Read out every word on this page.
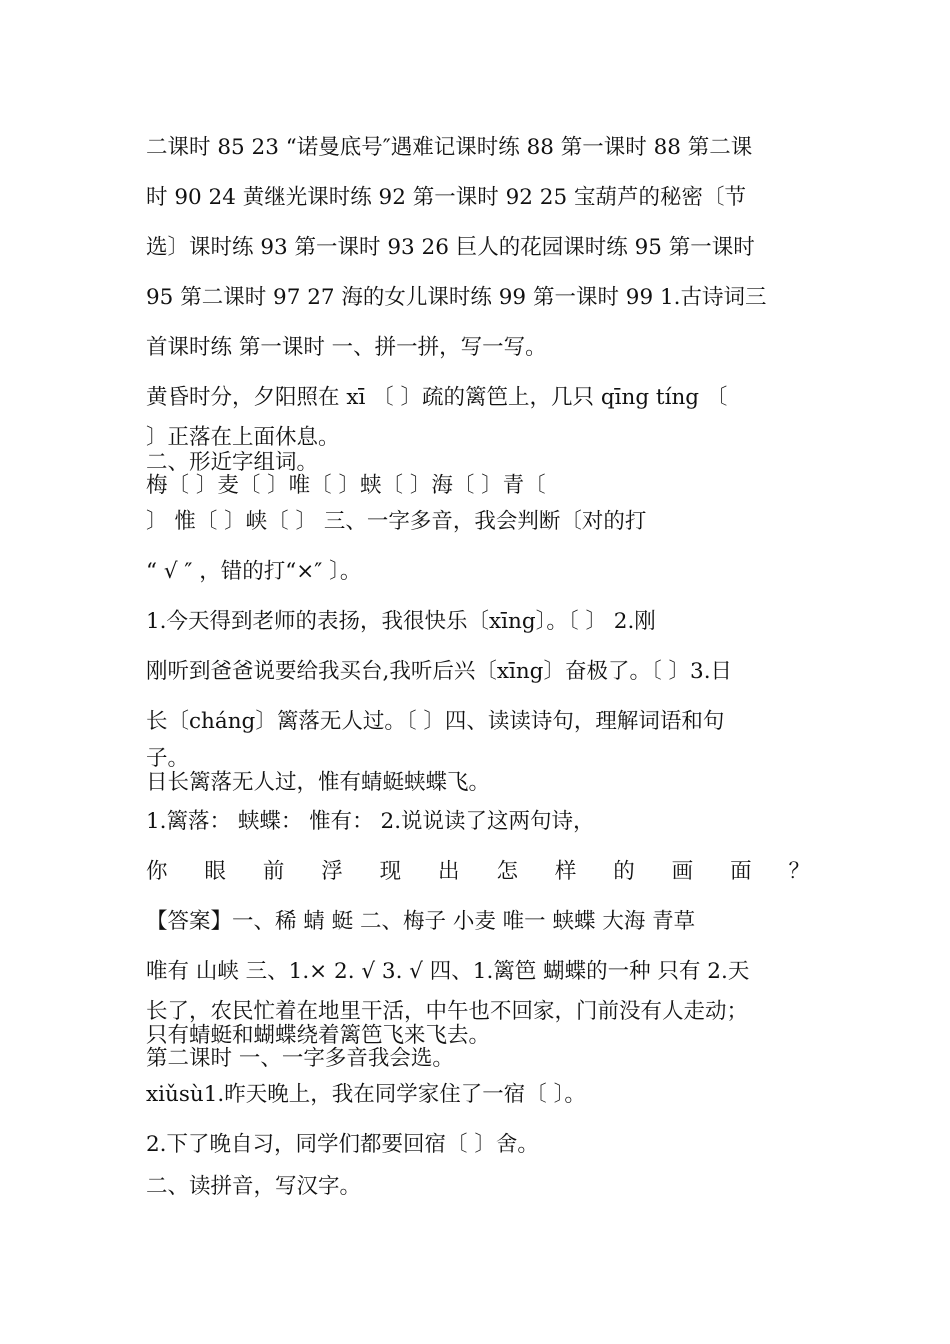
二课时 85 23 “诺曼底号″遇难记课时练 88 第一课时 88 第二课
时 90 24 黄继光课时练 92 第一课时 92 25 宝葫芦的秘密〔节
选〕课时练 93 第一课时 93 26 巨人的花园课时练 95 第一课时
95 第二课时 97 27 海的女儿课时练 99 第一课时 99 1.古诗词三
首课时练 第一课时 一、拼一拼，写一写。
黄昏时分，夕阳照在 xī 〔 〕疏的篱笆上，几只 qīng tíng 〔
〕正落在上面休息。
二、形近字组词。
梅〔 〕麦〔 〕唯〔 〕蛱〔 〕海〔 〕青〔
〕 惟〔 〕峡〔 〕 三、一字多音，我会判断〔对的打
“ √ ″ ，错的打“×″ 〕。
1.今天得到老师的表扬，我很快乐〔xīng〕。〔 〕 2.刚
刚听到爸爸说要给我买台,我听后兴〔xīng〕奋极了。〔 〕3.日
长〔cháng〕篱落无人过。〔 〕四、读读诗句，理解词语和句
子。
日长篱落无人过，惟有蜻蜓蛱蝶飞。
1.篱落： 蛱蝶： 惟有： 2.说说读了这两句诗，
你 眼 前 浮 现 出 怎 样 的 画 面 ？
【答案】一、稀 蜻 蜓 二、梅子 小麦 唯一 蛱蝶 大海 青草
唯有 山峡 三、1.× 2. √ 3. √ 四、1.篱笆 蝴蝶的一种 只有 2.天
长了，农民忙着在地里干活，中午也不回家，门前没有人走动；
只有蜻蜓和蝴蝶绕着篱笆飞来飞去。
第二课时 一、一字多音我会选。
xiǔsù1.昨天晚上，我在同学家住了一宿〔 〕。
2.下了晚自习，同学们都要回宿〔 〕舍。
二、读拼音，写汉字。
